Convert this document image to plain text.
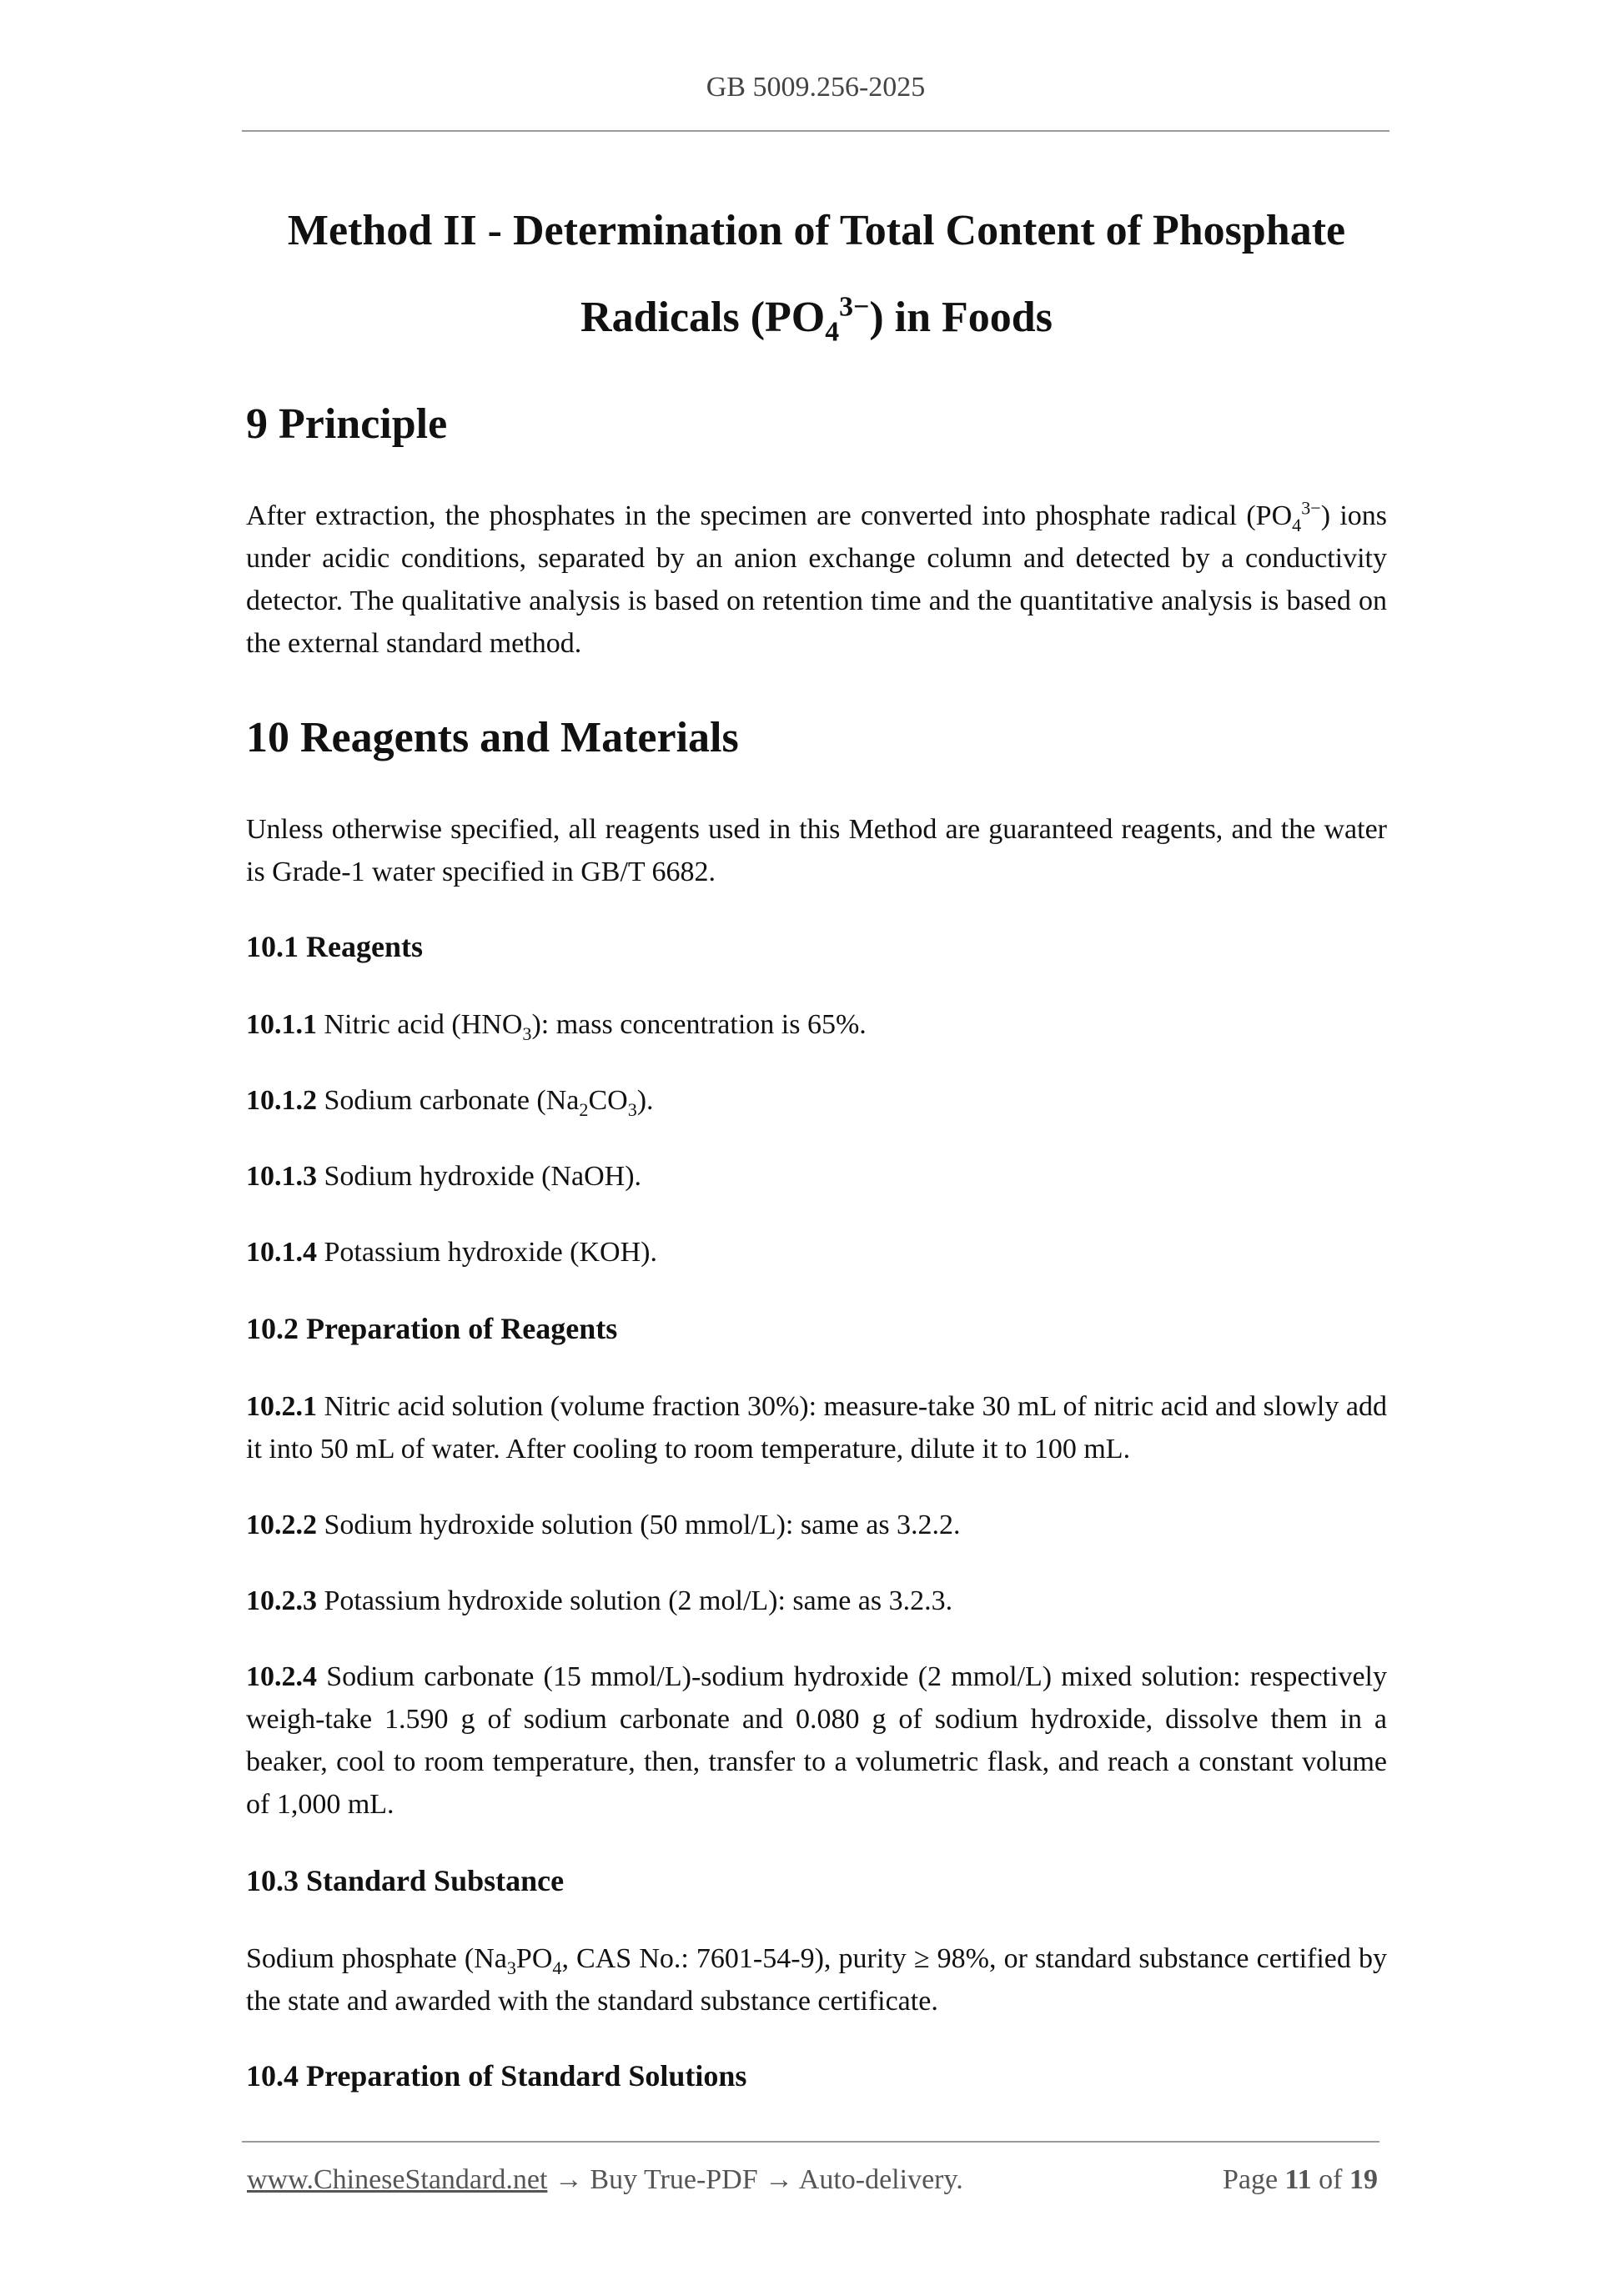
GB 5009.256-2025
Method II - Determination of Total Content of Phosphate
Radicals $(PO_4^{3-})$ in Foods
9 Principle

After extraction, the phosphates in the specimen are converted into phosphate radical $(PO_4^{3-})$ ions under acidic conditions, separated by an anion exchange column and detected by a conductivity detector. The qualitative analysis is based on retention time and the quantitative analysis is based on the external standard method.

10 Reagents and Materials

Unless otherwise specified, all reagents used in this Method are guaranteed reagents, and the water is Grade-1 water specified in GB/T 6682.

10.1 Reagents

10.1.1 Nitric acid $(HNO_3)$: mass concentration is 65%.

10.1.2 Sodium carbonate $(Na_2CO_3)$.

10.1.3 Sodium hydroxide (NaOH).

10.1.4 Potassium hydroxide (KOH).

10.2 Preparation of Reagents

10.2.1 Nitric acid solution (volume fraction 30%): measure-take 30 mL of nitric acid and slowly add it into 50 mL of water. After cooling to room temperature, dilute it to 100 mL.

10.2.2 Sodium hydroxide solution (50 mmol/L): same as 3.2.2.

10.2.3 Potassium hydroxide solution (2 mol/L): same as 3.2.3.

10.2.4 Sodium carbonate (15 mmol/L)-sodium hydroxide (2 mmol/L) mixed solution: respectively weigh-take 1.590 g of sodium carbonate and 0.080 g of sodium hydroxide, dissolve them in a beaker, cool to room temperature, then, transfer to a volumetric flask, and reach a constant volume of 1,000 mL.

10.3 Standard Substance

Sodium phosphate ($Na_3PO_4$, CAS No.: 7601-54-9), purity ≥ 98%, or standard substance certified by the state and awarded with the standard substance certificate.

10.4 Preparation of Standard Solutions
www.ChineseStandard.net → Buy True-PDF → Auto-delivery.	Page 11 of 19
